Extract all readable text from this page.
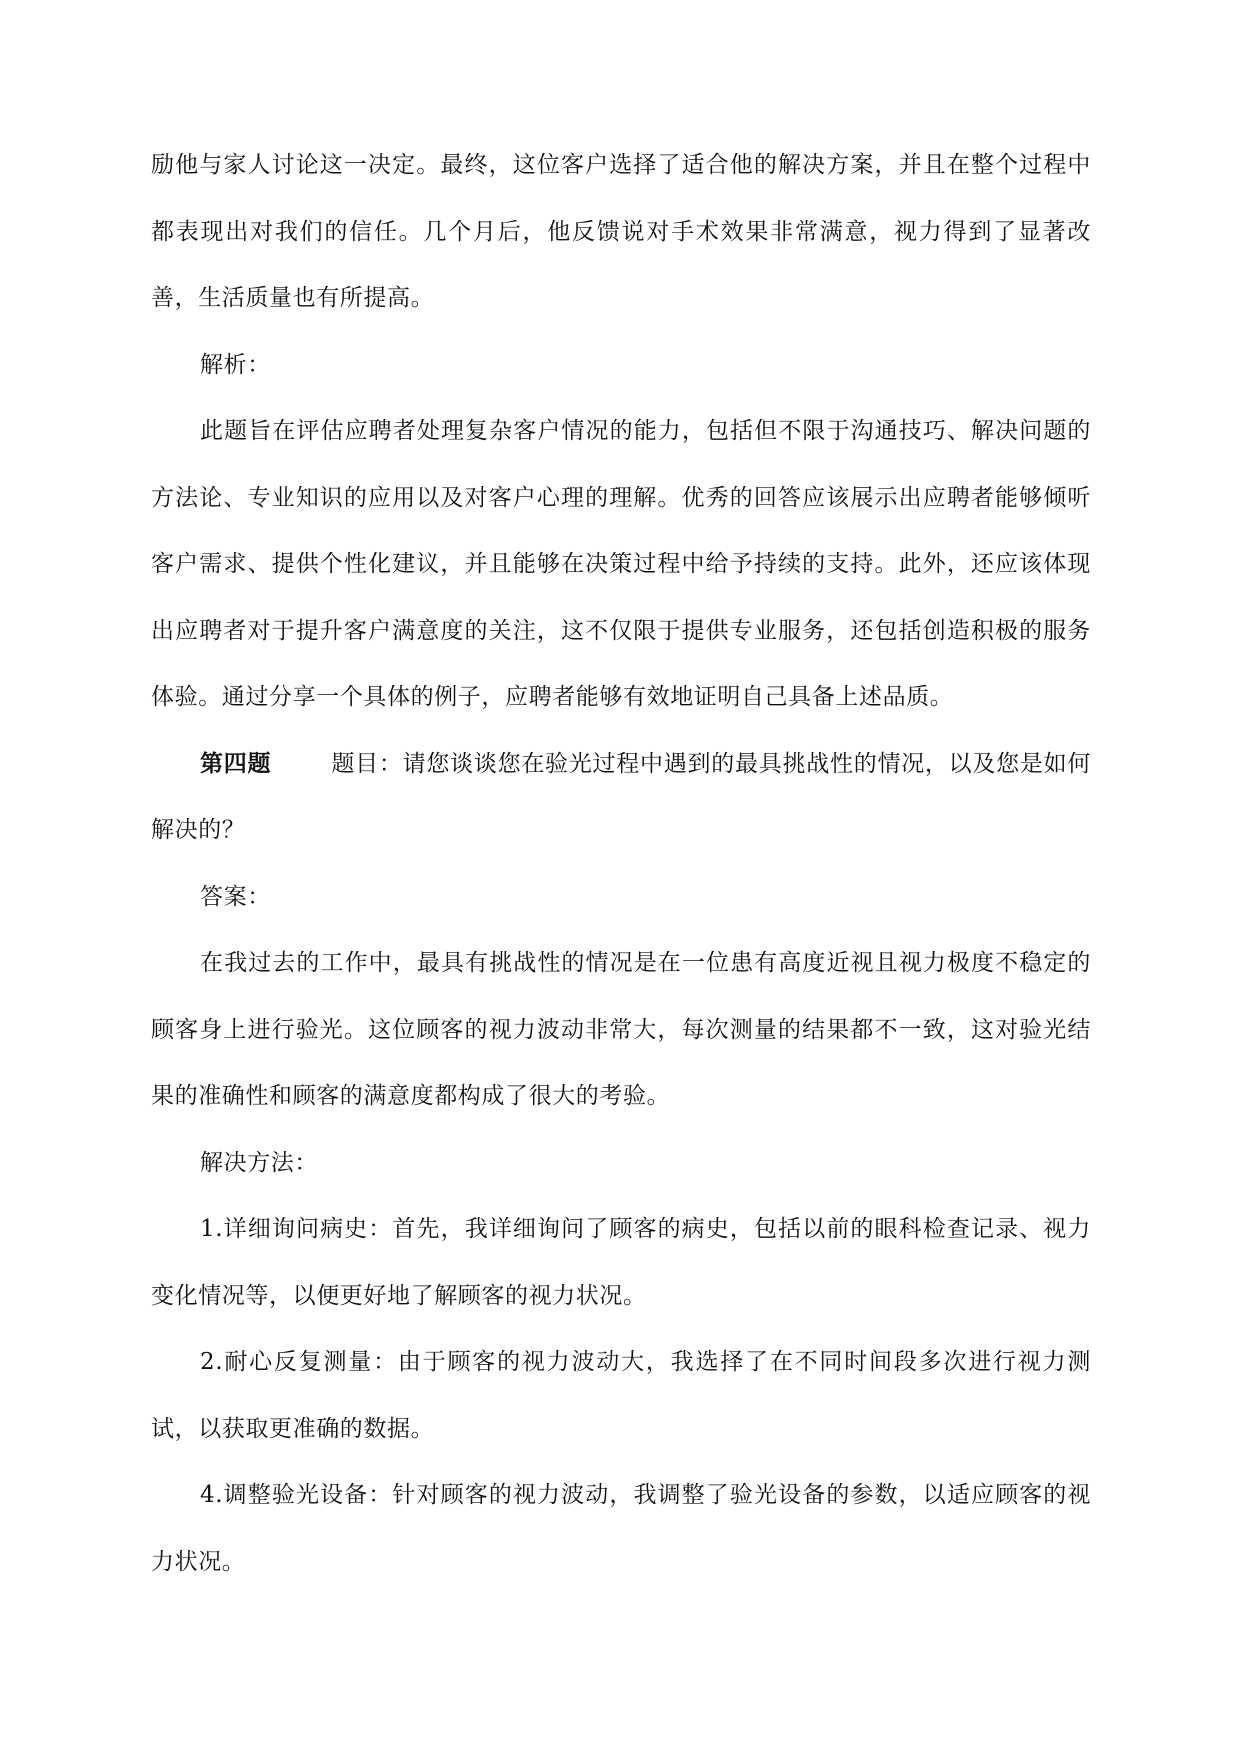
励他与家人讨论这一决定。最终，这位客户选择了适合他的解决方案，并且在整个过程中都表现出对我们的信任。几个月后，他反馈说对手术效果非常满意，视力得到了显著改善，生活质量也有所提高。

解析：

此题旨在评估应聘者处理复杂客户情况的能力，包括但不限于沟通技巧、解决问题的方法论、专业知识的应用以及对客户心理的理解。优秀的回答应该展示出应聘者能够倾听客户需求、提供个性化建议，并且能够在决策过程中给予持续的支持。此外，还应该体现出应聘者对于提升客户满意度的关注，这不仅限于提供专业服务，还包括创造积极的服务体验。通过分享一个具体的例子，应聘者能够有效地证明自己具备上述品质。

第四题	题目：请您谈谈您在验光过程中遇到的最具挑战性的情况，以及您是如何解决的？

答案：

在我过去的工作中，最具有挑战性的情况是在一位患有高度近视且视力极度不稳定的顾客身上进行验光。这位顾客的视力波动非常大，每次测量的结果都不一致，这对验光结果的准确性和顾客的满意度都构成了很大的考验。

解决方法：

1.详细询问病史：首先，我详细询问了顾客的病史，包括以前的眼科检查记录、视力变化情况等，以便更好地了解顾客的视力状况。

2.耐心反复测量：由于顾客的视力波动大，我选择了在不同时间段多次进行视力测试，以获取更准确的数据。

4.调整验光设备：针对顾客的视力波动，我调整了验光设备的参数，以适应顾客的视力状况。
